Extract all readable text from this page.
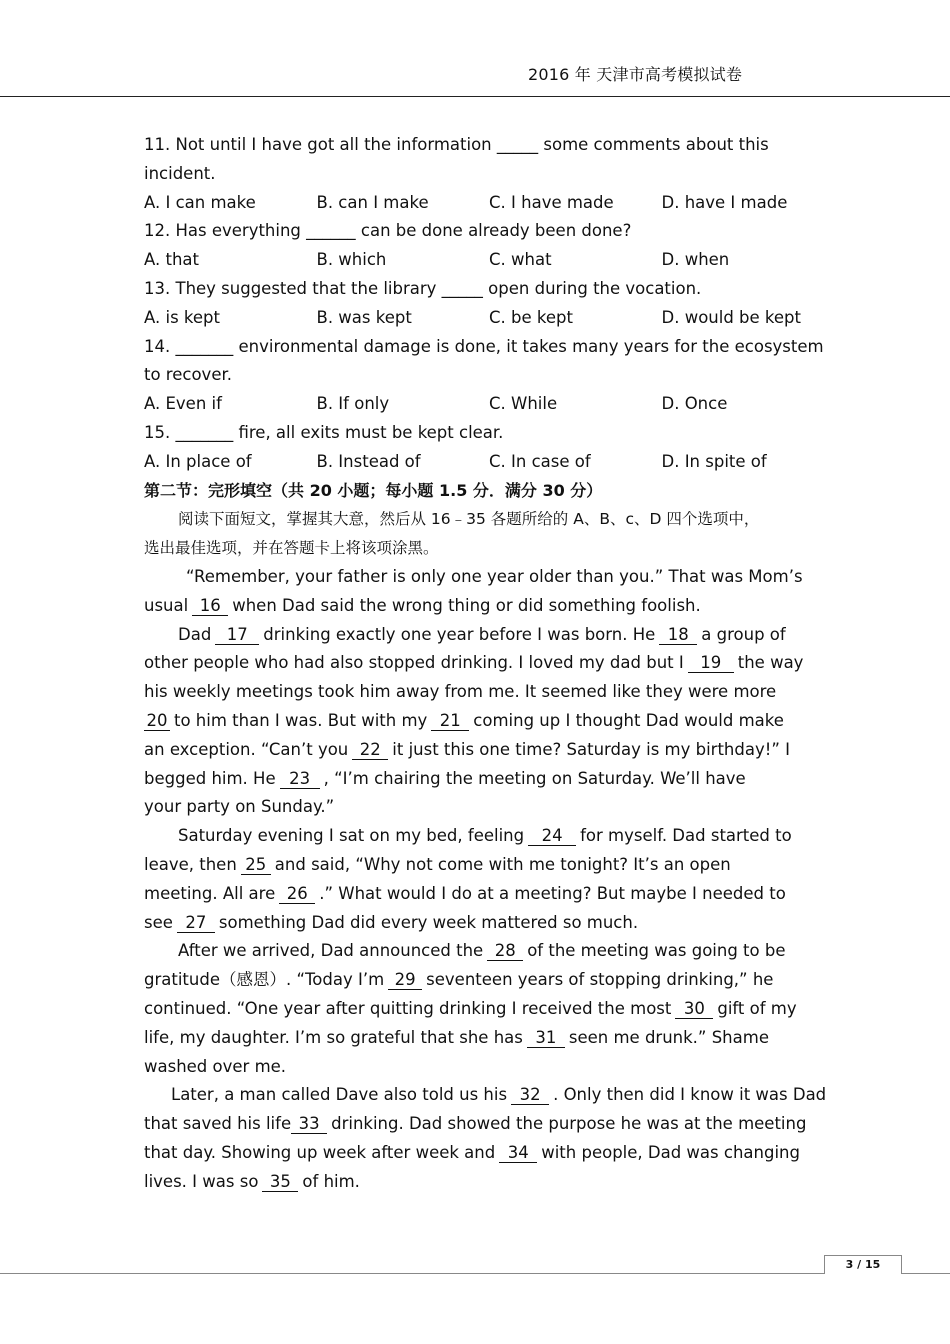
2016 年 天津市高考模拟试卷
11. Not until I have got all the information _____ some comments about this
incident.
A. I can make	B. can I make	C. I have made	D. have I made
12. Has everything ______ can be done already been done?
A. that	B. which	C. what	D. when
13. They suggested that the library _____ open during the vocation.
A. is kept	B. was kept	C. be kept	D. would be kept
14. _______ environmental damage is done, it takes many years for the ecosystem
to recover.
A. Even if	B. If only	C. While	D. Once
15. _______ fire, all exits must be kept clear.
A. In place of	B. Instead of	C. In case of	D. In spite of
第二节：完形填空（共 20 小题；每小题 1.5 分．满分 30 分）
阅读下面短文，掌握其大意，然后从 16﹣35 各题所给的 A、B、c、D 四个选项中，
选出最佳选项，并在答题卡上将该项涂黑。
“Remember, your father is only one year older than you.” That was Mom’s
usual 16 when Dad said the wrong thing or did something foolish.
Dad 17 drinking exactly one year before I was born. He 18 a group of
other people who had also stopped drinking. I loved my dad but I 19 the way
his weekly meetings took him away from me. It seemed like they were more
20 to him than I was. But with my 21 coming up I thought Dad would make
an exception. “Can’t you 22 it just this one time? Saturday is my birthday!” I
begged him. He 23 , “I’m chairing the meeting on Saturday. We’ll have
your party on Sunday.”
Saturday evening I sat on my bed, feeling 24 for myself. Dad started to
leave, then 25 and said, “Why not come with me tonight? It’s an open
meeting. All are 26 .” What would I do at a meeting? But maybe I needed to
see 27 something Dad did every week mattered so much.
After we arrived, Dad announced the 28 of the meeting was going to be
gratitude（感恩）. “Today I’m 29 seventeen years of stopping drinking,” he
continued. “One year after quitting drinking I received the most 30 gift of my
life, my daughter. I’m so grateful that she has 31 seen me drunk.” Shame
washed over me.
Later, a man called Dave also told us his 32 . Only then did I know it was Dad
that saved his life 33 drinking. Dad showed the purpose he was at the meeting
that day. Showing up week after week and 34 with people, Dad was changing
lives. I was so 35 of him.
3 / 15
